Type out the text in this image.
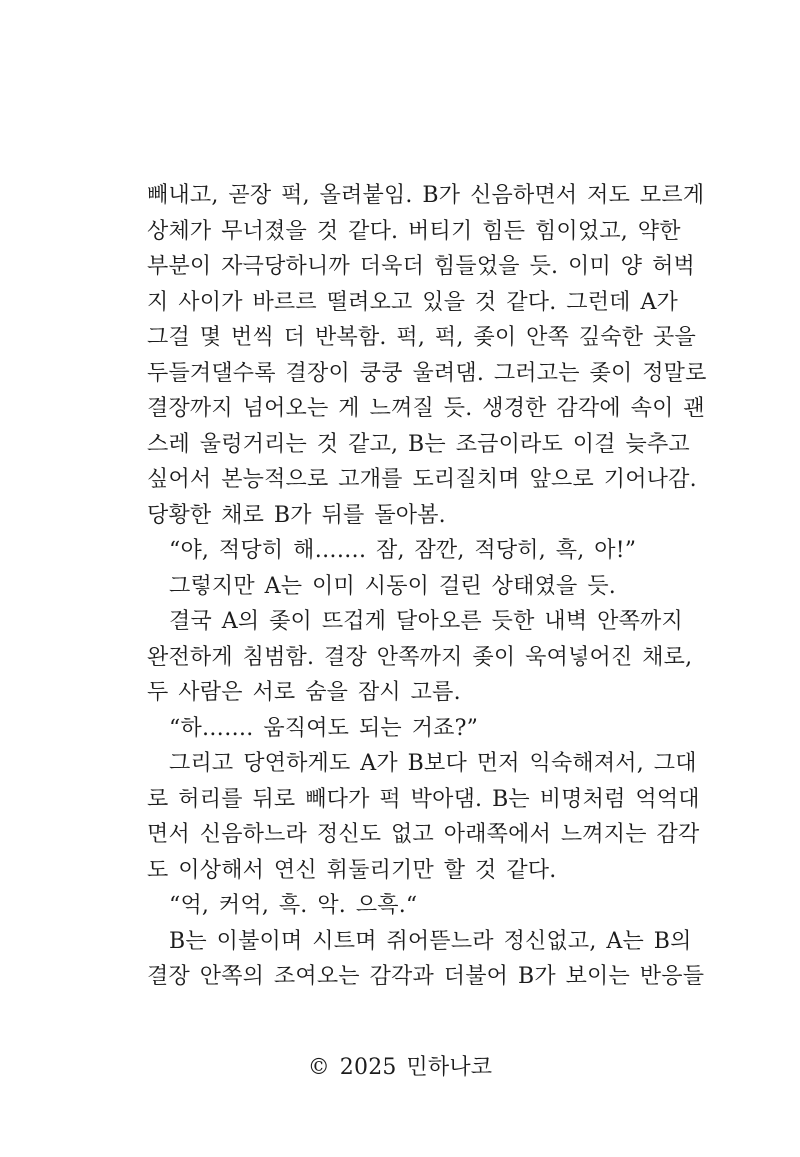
빼내고, 곧장 퍽, 올려붙임. B가 신음하면서 저도 모르게
상체가 무너졌을 것 같다. 버티기 힘든 힘이었고, 약한
부분이 자극당하니까 더욱더 힘들었을 듯. 이미 양 허벅
지 사이가 바르르 떨려오고 있을 것 같다. 그런데 A가
그걸 몇 번씩 더 반복함. 퍽, 퍽, 좆이 안쪽 깊숙한 곳을
두들겨댈수록 결장이 쿵쿵 울려댐. 그러고는 좆이 정말로
결장까지 넘어오는 게 느껴질 듯. 생경한 감각에 속이 괜
스레 울렁거리는 것 같고, B는 조금이라도 이걸 늦추고
싶어서 본능적으로 고개를 도리질치며 앞으로 기어나감.
당황한 채로 B가 뒤를 돌아봄.
“야, 적당히 해……. 잠, 잠깐, 적당히, 흑, 아!”
그렇지만 A는 이미 시동이 걸린 상태였을 듯.
결국 A의 좆이 뜨겁게 달아오른 듯한 내벽 안쪽까지
완전하게 침범함. 결장 안쪽까지 좆이 욱여넣어진 채로,
두 사람은 서로 숨을 잠시 고름.
“하……. 움직여도 되는 거죠?”
그리고 당연하게도 A가 B보다 먼저 익숙해져서, 그대
로 허리를 뒤로 빼다가 퍽 박아댐. B는 비명처럼 억억대
면서 신음하느라 정신도 없고 아래쪽에서 느껴지는 감각
도 이상해서 연신 휘둘리기만 할 것 같다.
“억, 커억, 흑. 악. 으흑.“
B는 이불이며 시트며 쥐어뜯느라 정신없고, A는 B의
결장 안쪽의 조여오는 감각과 더불어 B가 보이는 반응들
© 2025 민하나코
